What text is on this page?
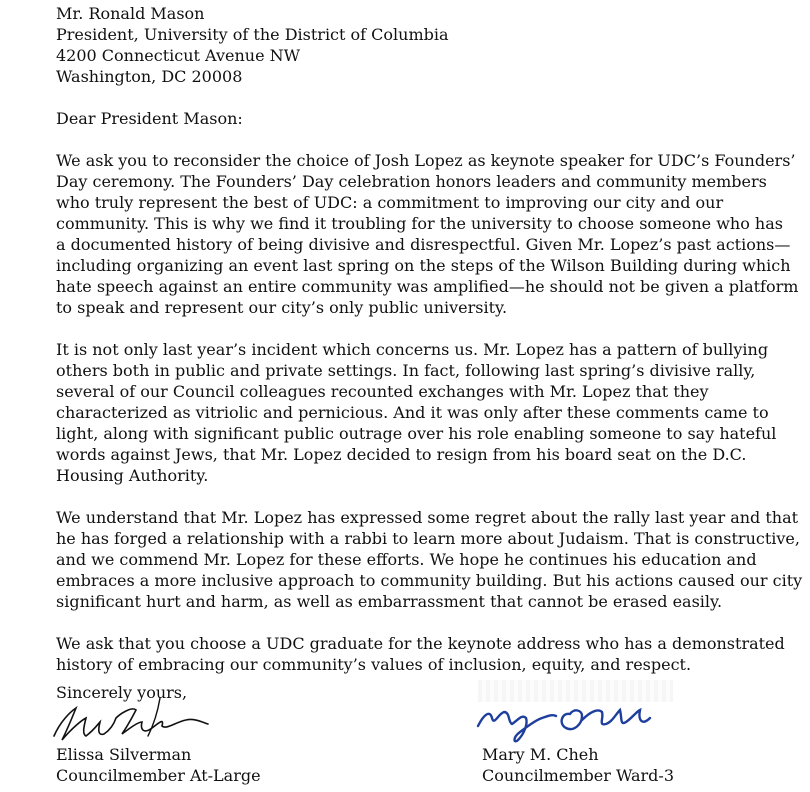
Mr. Ronald Mason
President, University of the District of Columbia
4200 Connecticut Avenue NW
Washington, DC 20008
Dear President Mason:
We ask you to reconsider the choice of Josh Lopez as keynote speaker for UDC’s Founders’
Day ceremony. The Founders’ Day celebration honors leaders and community members
who truly represent the best of UDC: a commitment to improving our city and our
community. This is why we find it troubling for the university to choose someone who has
a documented history of being divisive and disrespectful. Given Mr. Lopez’s past actions—
including organizing an event last spring on the steps of the Wilson Building during which
hate speech against an entire community was amplified—he should not be given a platform
to speak and represent our city’s only public university.
It is not only last year’s incident which concerns us. Mr. Lopez has a pattern of bullying
others both in public and private settings. In fact, following last spring’s divisive rally,
several of our Council colleagues recounted exchanges with Mr. Lopez that they
characterized as vitriolic and pernicious. And it was only after these comments came to
light, along with significant public outrage over his role enabling someone to say hateful
words against Jews, that Mr. Lopez decided to resign from his board seat on the D.C.
Housing Authority.
We understand that Mr. Lopez has expressed some regret about the rally last year and that
he has forged a relationship with a rabbi to learn more about Judaism. That is constructive,
and we commend Mr. Lopez for these efforts. We hope he continues his education and
embraces a more inclusive approach to community building. But his actions caused our city
significant hurt and harm, as well as embarrassment that cannot be erased easily.
We ask that you choose a UDC graduate for the keynote address who has a demonstrated
history of embracing our community’s values of inclusion, equity, and respect.
Sincerely yours,
Elissa Silverman
Councilmember At-Large
Mary M. Cheh
Councilmember Ward-3
